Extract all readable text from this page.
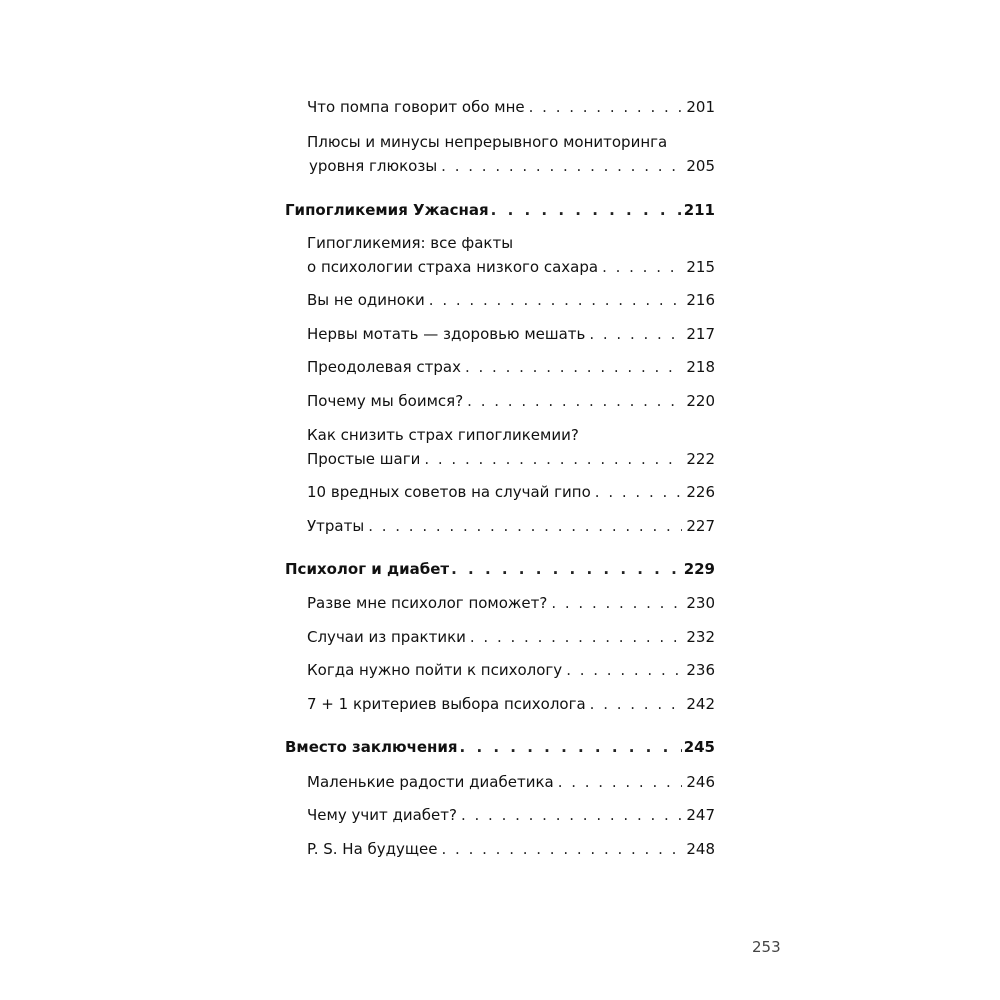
Что помпа говорит обо мне . . .	201
Плюсы и минусы непрерывного мониторинга
уровня глюкозы . . .	205
Гипогликемия Ужасная . . .	211
Гипогликемия: все факты
о психологии страха низкого сахара . . .	215
Вы не одиноки . . .	216
Нервы мотать — здоровью мешать . . .	217
Преодолевая страх . . .	218
Почему мы боимся? . . .	220
Как снизить страх гипогликемии?
Простые шаги . . .	222
10 вредных советов на случай гипо . . .	226
Утраты . . .	227
Психолог и диабет . . .	229
Разве мне психолог поможет? . . .	230
Случаи из практики . . .	232
Когда нужно пойти к психологу . . .	236
7 + 1 критериев выбора психолога . . .	242
Вместо заключения . . .	245
Маленькие радости диабетика . . .	246
Чему учит диабет? . . .	247
P. S. На будущее . . .	248
253
